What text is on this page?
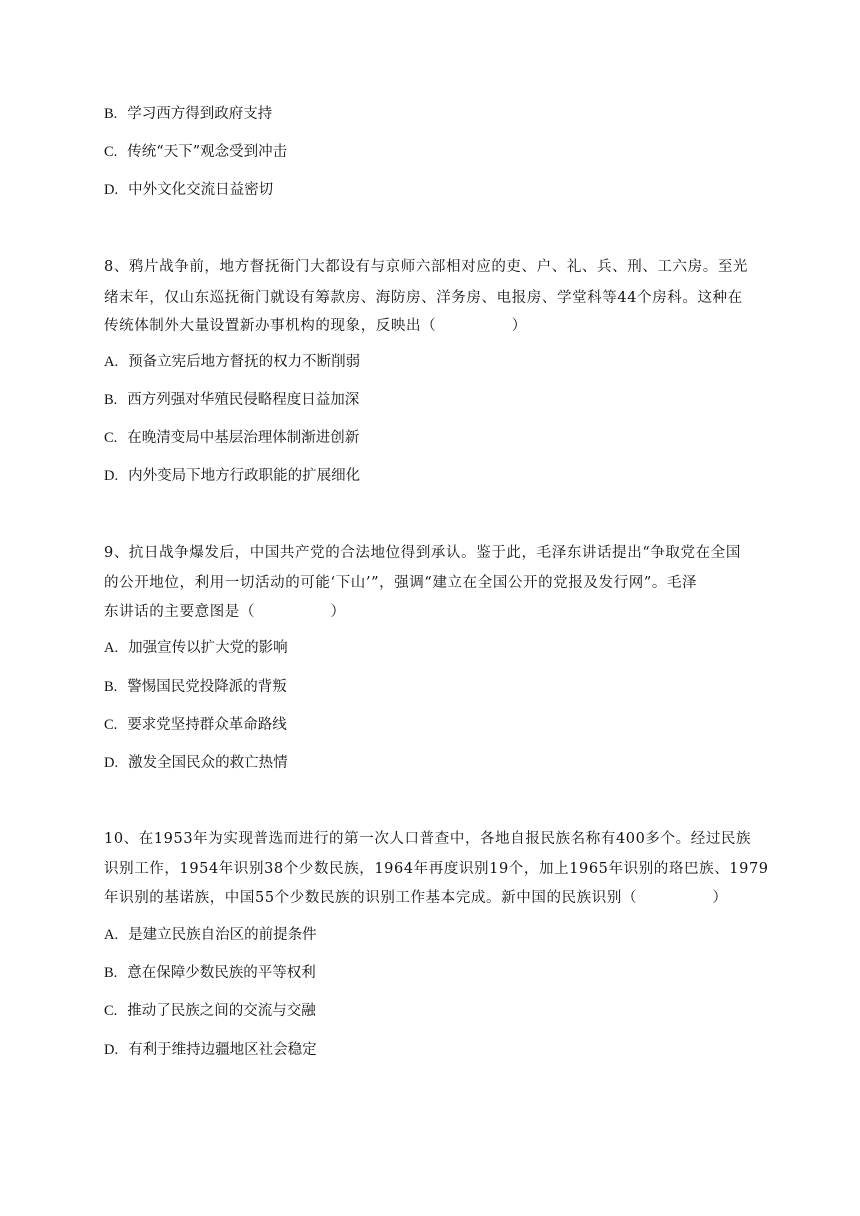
B. 学习西方得到政府支持
C. 传统“天下”观念受到冲击
D. 中外文化交流日益密切
8、鸦片战争前，地方督抚衙门大都设有与京师六部相对应的吏、户、礼、兵、刑、工六房。至光
绪末年，仅山东巡抚衙门就设有筹款房、海防房、洋务房、电报房、学堂科等44个房科。这种在
传统体制外大量设置新办事机构的现象，反映出（　　　　　）
A. 预备立宪后地方督抚的权力不断削弱
B. 西方列强对华殖民侵略程度日益加深
C. 在晚清变局中基层治理体制渐进创新
D. 内外变局下地方行政职能的扩展细化
9、抗日战争爆发后，中国共产党的合法地位得到承认。鉴于此，毛泽东讲话提出“争取党在全国
的公开地位，利用一切活动的可能‘下山’”，强调“建立在全国公开的党报及发行网”。毛泽
东讲话的主要意图是（　　　　　）
A. 加强宣传以扩大党的影响
B. 警惕国民党投降派的背叛
C. 要求党坚持群众革命路线
D. 激发全国民众的救亡热情
10、在1953年为实现普选而进行的第一次人口普查中，各地自报民族名称有400多个。经过民族
识别工作，1954年识别38个少数民族，1964年再度识别19个，加上1965年识别的珞巴族、1979
年识别的基诺族，中国55个少数民族的识别工作基本完成。新中国的民族识别（　　　　　）
A. 是建立民族自治区的前提条件
B. 意在保障少数民族的平等权利
C. 推动了民族之间的交流与交融
D. 有利于维持边疆地区社会稳定
